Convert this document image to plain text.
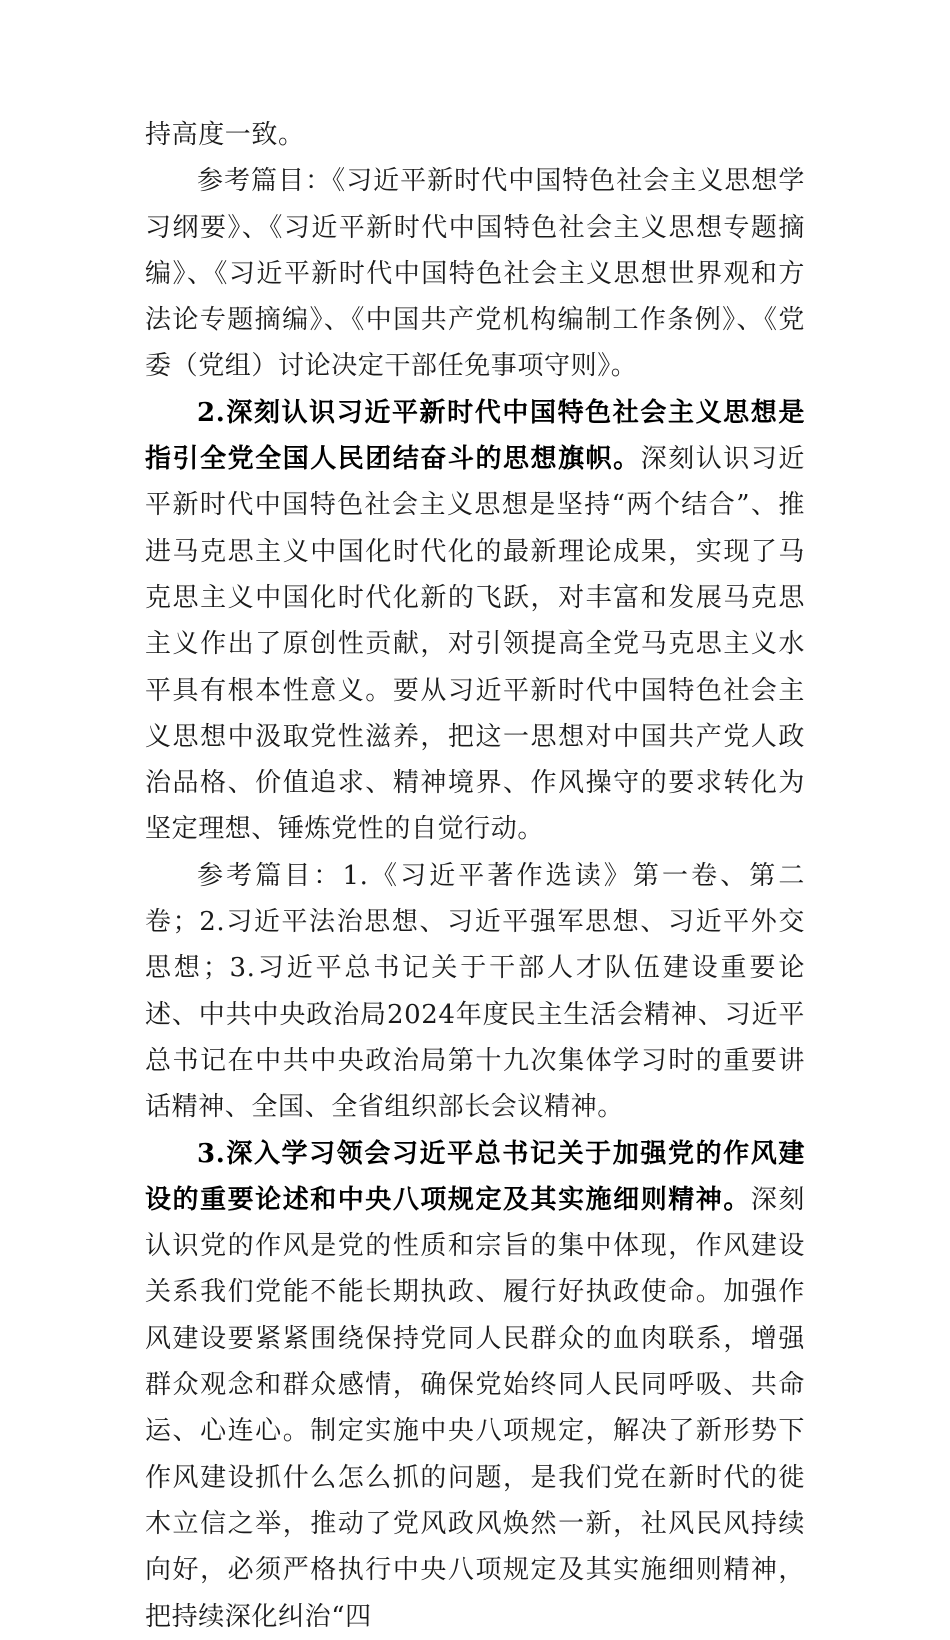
持高度一致。

参考篇目：《习近平新时代中国特色社会主义思想学习纲要》、《习近平新时代中国特色社会主义思想专题摘编》、《习近平新时代中国特色社会主义思想世界观和方法论专题摘编》、《中国共产党机构编制工作条例》、《党委（党组）讨论决定干部任免事项守则》。

2.深刻认识习近平新时代中国特色社会主义思想是指引全党全国人民团结奋斗的思想旗帜。深刻认识习近平新时代中国特色社会主义思想是坚持“两个结合”、推进马克思主义中国化时代化的最新理论成果，实现了马克思主义中国化时代化新的飞跃，对丰富和发展马克思主义作出了原创性贡献，对引领提高全党马克思主义水平具有根本性意义。要从习近平新时代中国特色社会主义思想中汲取党性滋养，把这一思想对中国共产党人政治品格、价值追求、精神境界、作风操守的要求转化为坚定理想、锤炼党性的自觉行动。

参考篇目：1.《习近平著作选读》第一卷、第二卷；2.习近平法治思想、习近平强军思想、习近平外交思想；3.习近平总书记关于干部人才队伍建设重要论述、中共中央政治局2024年度民主生活会精神、习近平总书记在中共中央政治局第十九次集体学习时的重要讲话精神、全国、全省组织部长会议精神。

3.深入学习领会习近平总书记关于加强党的作风建设的重要论述和中央八项规定及其实施细则精神。深刻认识党的作风是党的性质和宗旨的集中体现，作风建设关系我们党能不能长期执政、履行好执政使命。加强作风建设要紧紧围绕保持党同人民群众的血肉联系，增强群众观念和群众感情，确保党始终同人民同呼吸、共命运、心连心。制定实施中央八项规定，解决了新形势下作风建设抓什么怎么抓的问题，是我们党在新时代的徙木立信之举，推动了党风政风焕然一新，社风民风持续向好，必须严格执行中央八项规定及其实施细则精神，把持续深化纠治“四
